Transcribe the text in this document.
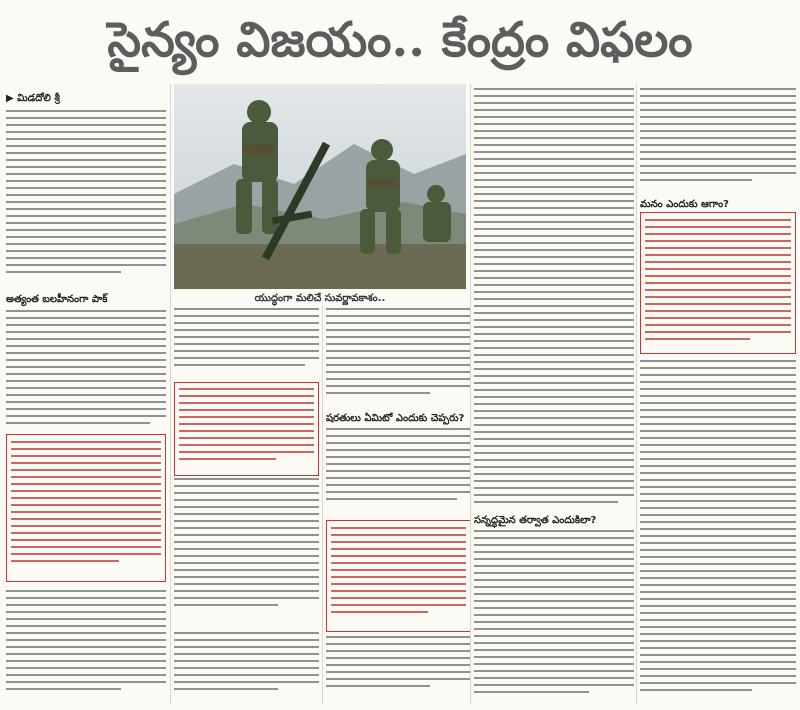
సైన్యం విజయం.. కేంద్రం విఫలం
▶ మిడదోలి శ్రీ
అత్యంత బలహీనంగా పాక్	యుద్ధంగా మలిచే సువర్ణావకాశం..
షరతులు ఏమిటో ఎందుకు చెప్పరు?
సన్నద్ధమైన తర్వాత ఎందుకిలా?
మనం ఎందుకు ఆగాం?
